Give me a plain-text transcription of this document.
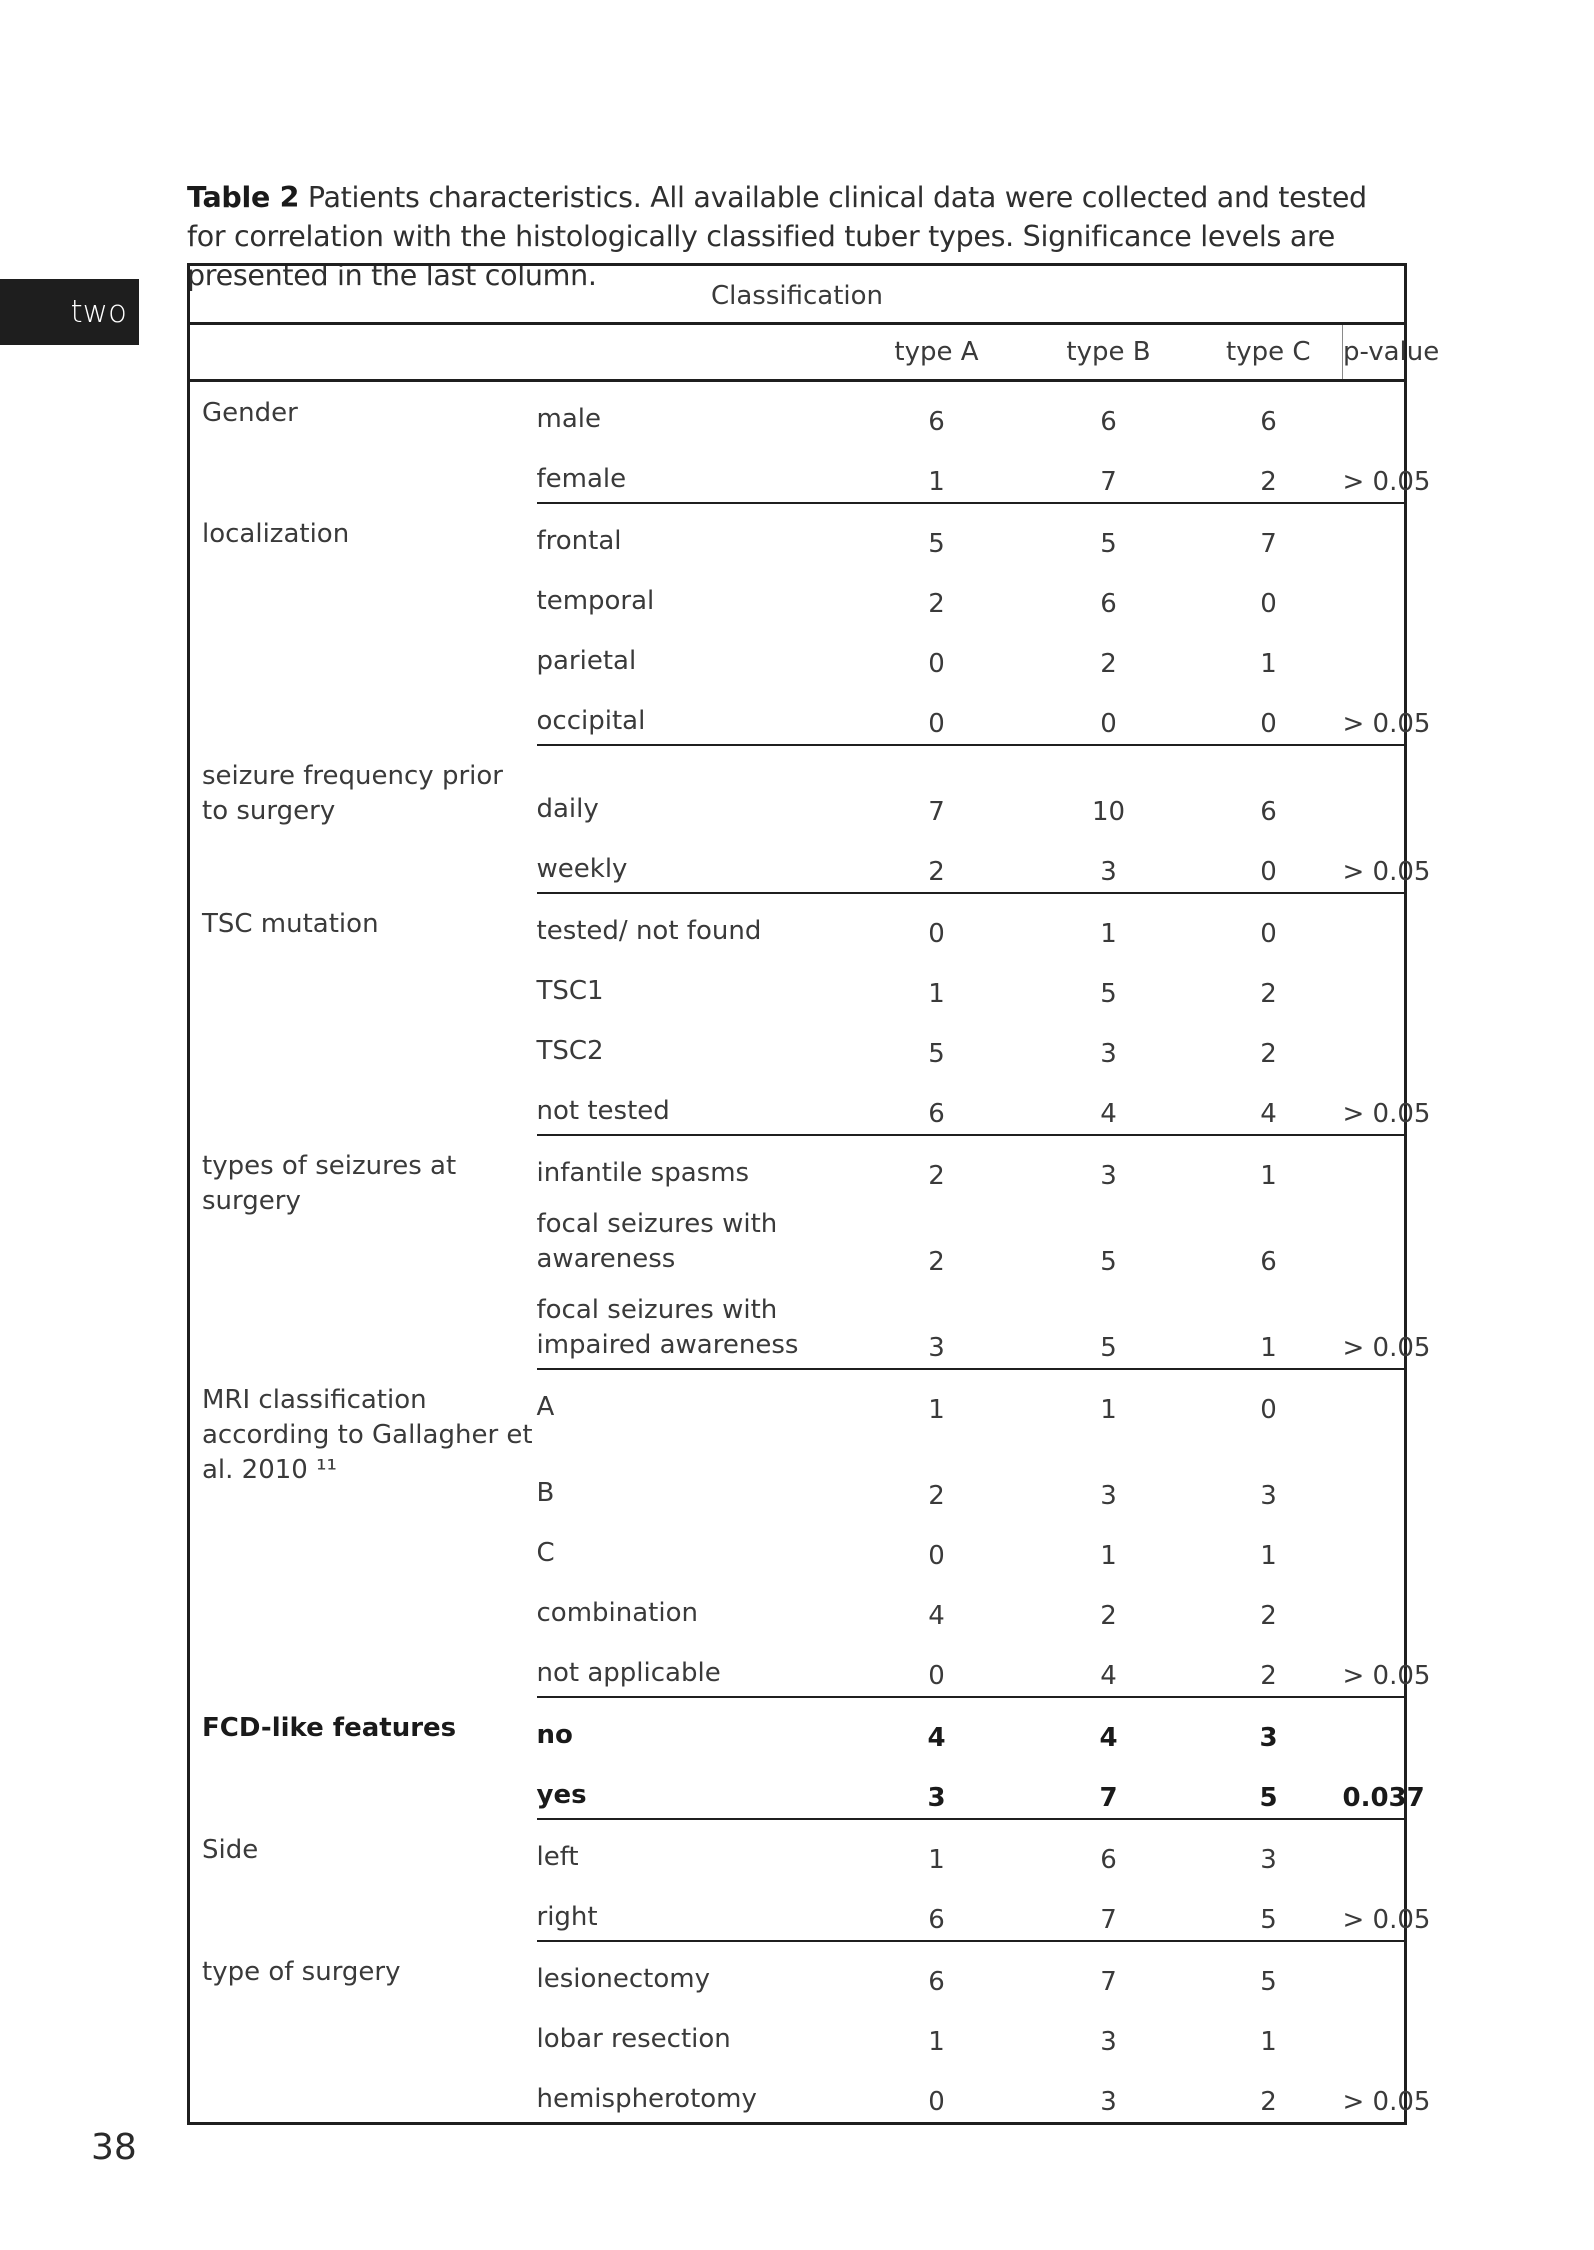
two
Table 2 Patients characteristics. All available clinical data were collected and tested for correlation with the histologically classified tuber types. Significance levels are presented in the last column.
Classification					
		type A	type B	type C	p-value
Gender	male	6	6	6	
	female	1	7	2	> 0.05
localization	frontal	5	5	7	
	temporal	2	6	0	
	parietal	0	2	1	
	occipital	0	0	0	> 0.05
seizure frequency prior to surgery	daily	7	10	6	
	weekly	2	3	0	> 0.05
TSC mutation	tested/ not found	0	1	0	
	TSC1	1	5	2	
	TSC2	5	3	2	
	not tested	6	4	4	> 0.05
types of seizures at surgery	infantile spasms	2	3	1	
	focal seizures with awareness	2	5	6	
	focal seizures with impaired awareness	3	5	1	> 0.05
MRI classification
according to Gallagher et al. 2010 ¹¹	A	1	1	0	
	B	2	3	3	
	C	0	1	1	
	combination	4	2	2	
	not applicable	0	4	2	> 0.05
FCD-like features	no	4	4	3	
	yes	3	7	5	0.037
Side	left	1	6	3	
	right	6	7	5	> 0.05
type of surgery	lesionectomy	6	7	5	
	lobar resection	1	3	1	
	hemispherotomy	0	3	2	> 0.05
38
